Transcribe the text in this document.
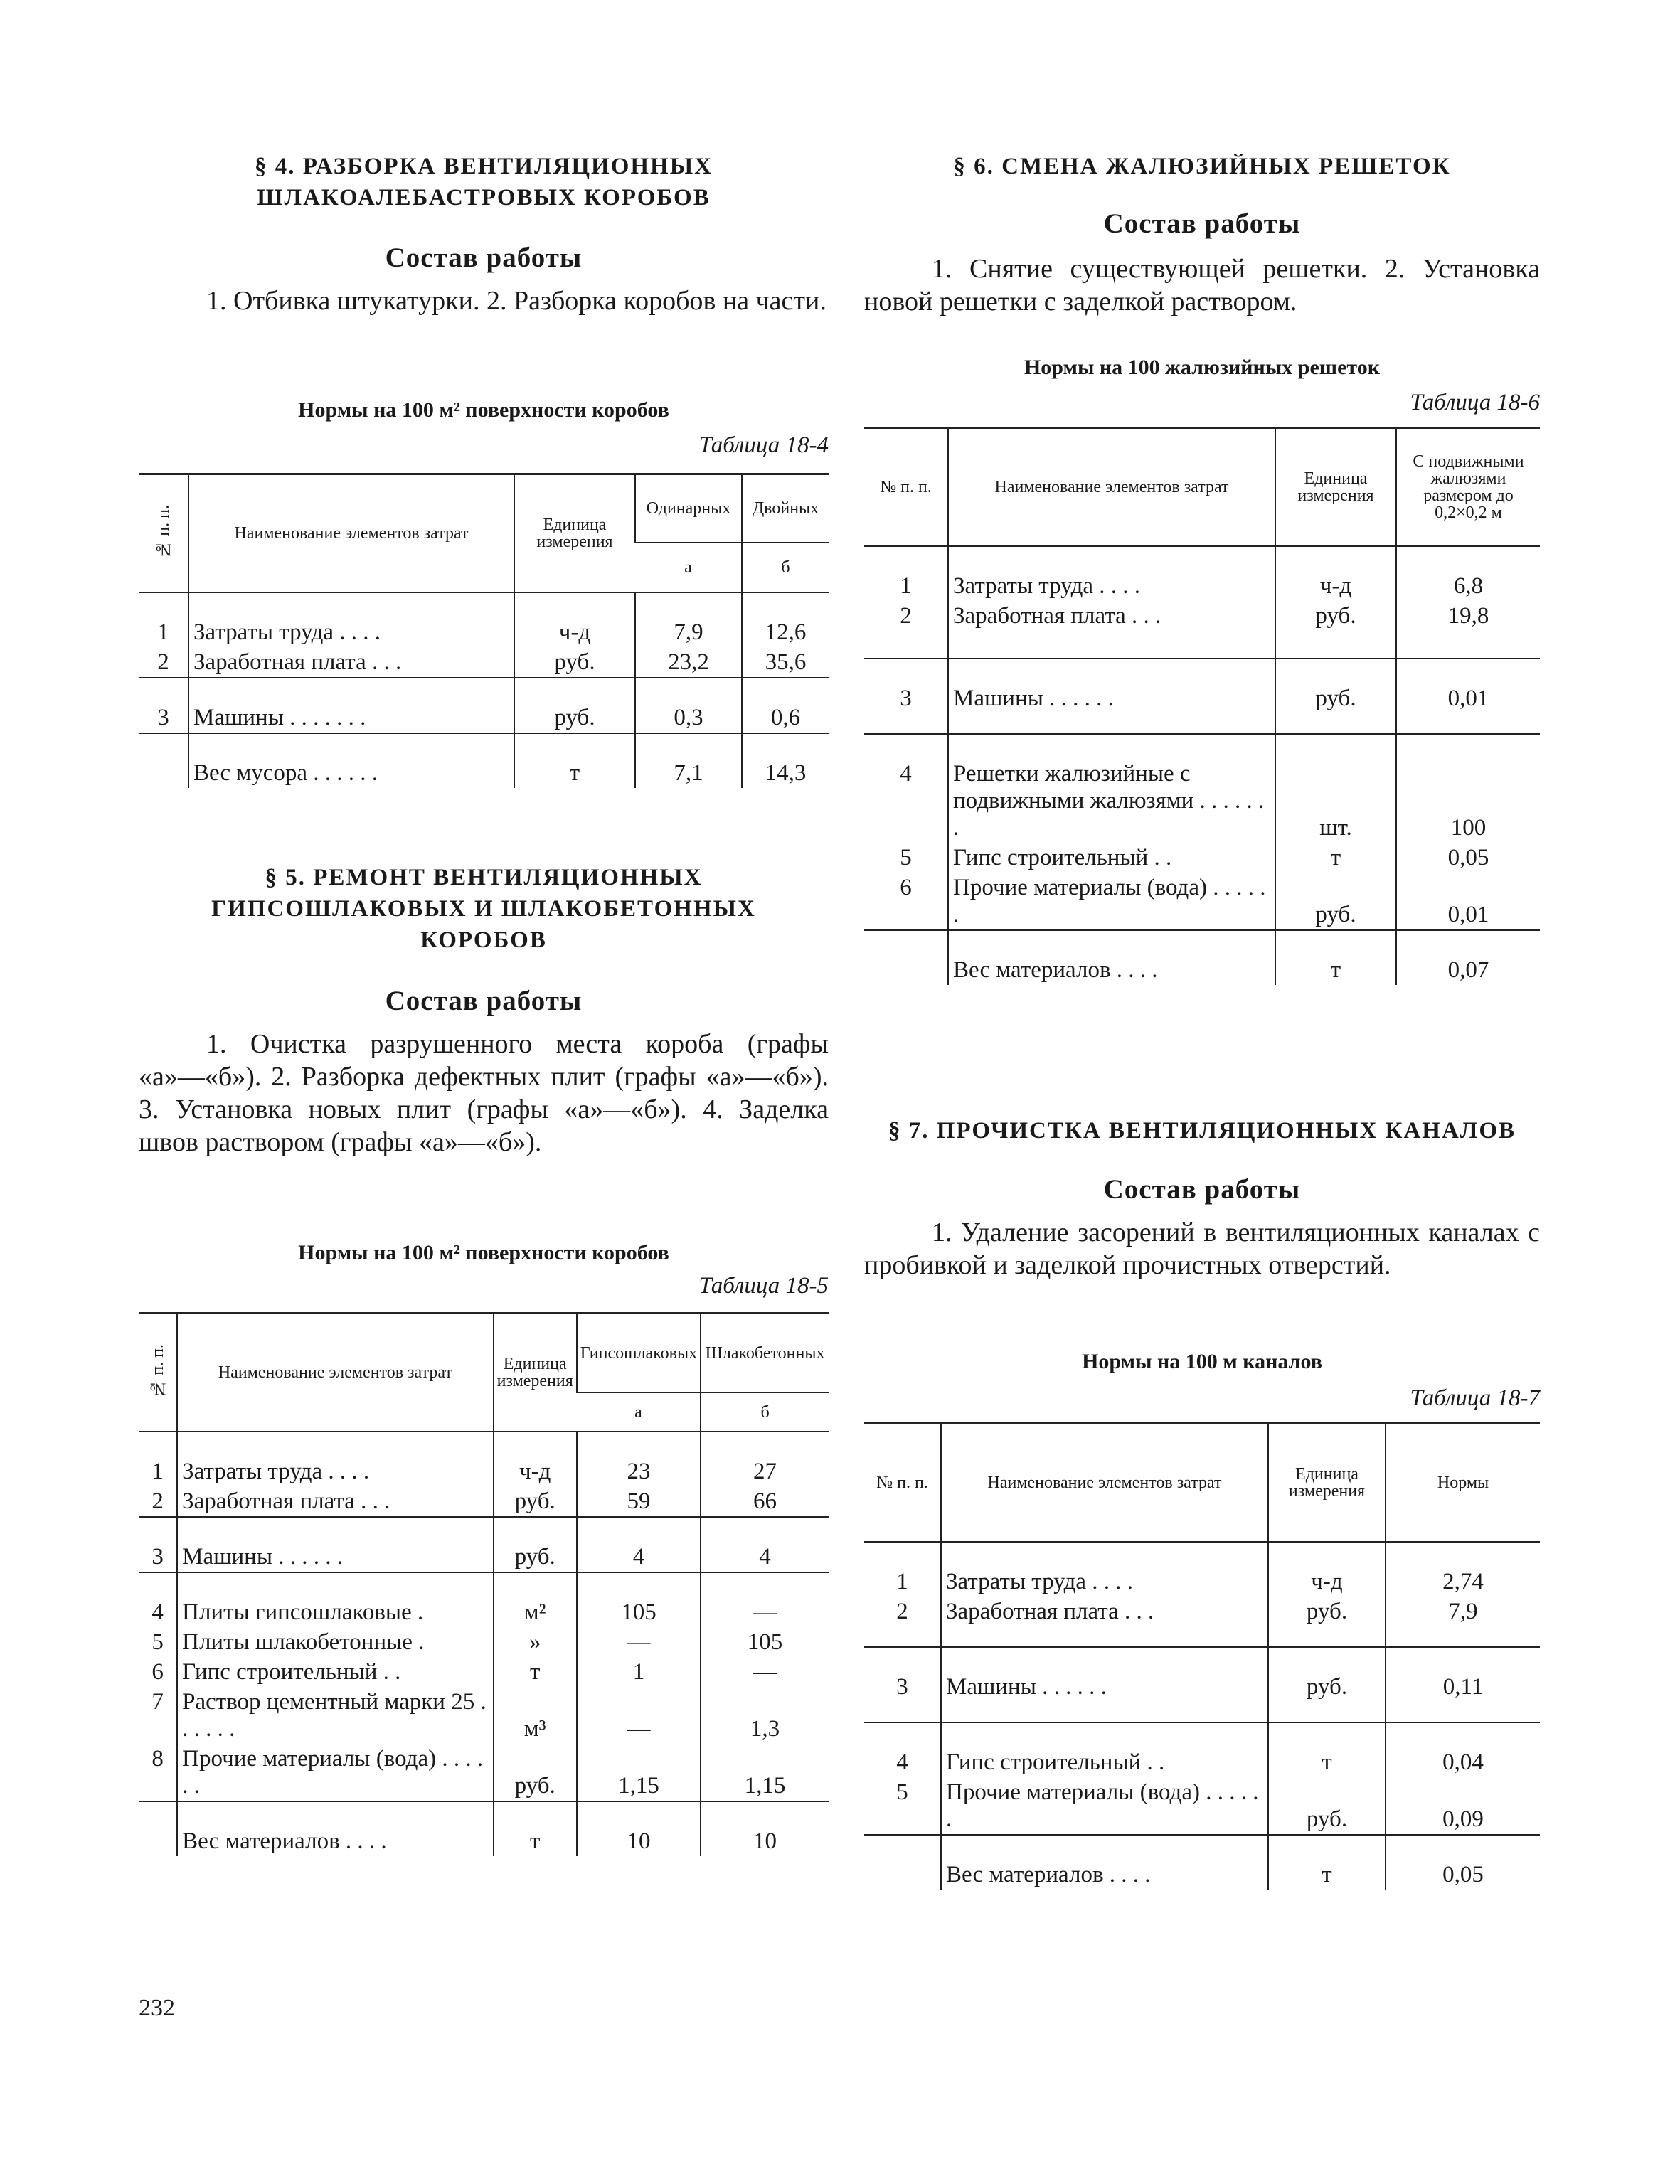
§ 4. РАЗБОРКА ВЕНТИЛЯЦИОННЫХ
ШЛАКОАЛЕБАСТРОВЫХ КОРОБОВ
Состав работы

1. Отбивка штукатурки. 2. Разборка коробов на части.

Нормы на 100 м² поверхности коробов
Таблица 18-4
№ п. п.	Наименование элементов затрат	Единица измерения	Одинарных	Двойных
			а	б

1	Затраты труда . . . .	ч-д	7,9	12,6
2	Заработная плата . . .	руб.	23,2	35,6

3	Машины . . . . . . .	руб.	0,3	0,6

	Вес мусора . . . . . .	т	7,1	14,3
§ 5. РЕМОНТ ВЕНТИЛЯЦИОННЫХ
ГИПСОШЛАКОВЫХ И ШЛАКОБЕТОННЫХ
КОРОБОВ
Состав работы

1. Очистка разрушенного места короба (графы «а»—«б»). 2. Разборка дефектных плит (графы «а»—«б»). 3. Установка новых плит (графы «а»—«б»). 4. Заделка швов раствором (графы «а»—«б»).

Нормы на 100 м² поверхности коробов
Таблица 18-5
№ п. п.	Наименование элементов затрат	Единица измерения	Гипсошлаковых	Шлакобетонных
			а	б

1	Затраты труда . . . .	ч-д	23	27
2	Заработная плата . . .	руб.	59	66

3	Машины . . . . . .	руб.	4	4

4	Плиты гипсошлаковые .	м²	105	—
5	Плиты шлакобетонные .	»	—	105
6	Гипс строительный . .	т	1	—
7	Раствор цементный марки 25 . . . . . .	м³	—	1,3
8	Прочие материалы (вода) . . . . . .	руб.	1,15	1,15

	Вес материалов . . . .	т	10	10
§ 6. СМЕНА ЖАЛЮЗИЙНЫХ РЕШЕТОК
Состав работы

1. Снятие существующей решетки. 2. Установка новой решетки с заделкой раствором.

Нормы на 100 жалюзийных решеток
Таблица 18-6
№ п. п.	Наименование элементов затрат	Единица измерения	С подвижными жалюзями размером до 0,2×0,2 м

1	Затраты труда . . . .	ч-д	6,8
2	Заработная плата . . .	руб.	19,8

3	Машины . . . . . .	руб.	0,01

4	Решетки жалюзийные с подвижными жалюзями . . . . . . .	шт.	100
5	Гипс строительный . .	т	0,05
6	Прочие материалы (вода) . . . . . .	руб.	0,01

	Вес материалов . . . .	т	0,07
§ 7. ПРОЧИСТКА ВЕНТИЛЯЦИОННЫХ КАНАЛОВ
Состав работы

1. Удаление засорений в вентиляционных каналах с пробивкой и заделкой прочистных отверстий.

Нормы на 100 м каналов
Таблица 18-7
№ п. п.	Наименование элементов затрат	Единица измерения	Нормы

1	Затраты труда . . . .	ч-д	2,74
2	Заработная плата . . .	руб.	7,9

3	Машины . . . . . .	руб.	0,11

4	Гипс строительный . .	т	0,04
5	Прочие материалы (вода) . . . . . .	руб.	0,09

	Вес материалов . . . .	т	0,05
232
